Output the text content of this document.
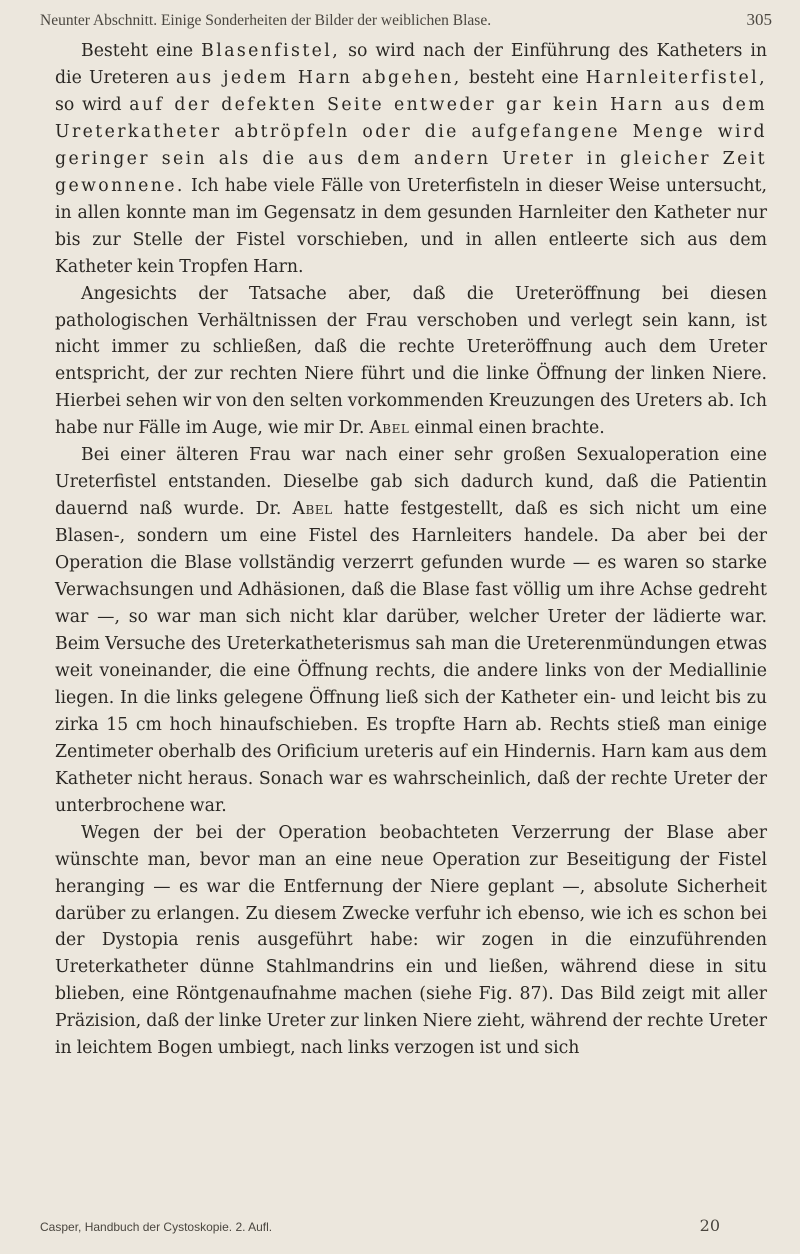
Neunter Abschnitt. Einige Sonderheiten der Bilder der weiblichen Blase.	305

Besteht eine Blasenfistel, so wird nach der Einführung des Katheters in die Ureteren aus jedem Harn abgehen, besteht eine Harnleiterfistel, so wird auf der defekten Seite entweder gar kein Harn aus dem Ureterkatheter abtröpfeln oder die aufgefangene Menge wird geringer sein als die aus dem andern Ureter in gleicher Zeit gewonnene. Ich habe viele Fälle von Ureterfisteln in dieser Weise untersucht, in allen konnte man im Gegensatz in dem gesunden Harnleiter den Katheter nur bis zur Stelle der Fistel vorschieben, und in allen entleerte sich aus dem Katheter kein Tropfen Harn.

Angesichts der Tatsache aber, daß die Ureteröffnung bei diesen pathologischen Verhältnissen der Frau verschoben und verlegt sein kann, ist nicht immer zu schließen, daß die rechte Ureteröffnung auch dem Ureter entspricht, der zur rechten Niere führt und die linke Öffnung der linken Niere. Hierbei sehen wir von den selten vorkommenden Kreuzungen des Ureters ab. Ich habe nur Fälle im Auge, wie mir Dr. Abel einmal einen brachte.

Bei einer älteren Frau war nach einer sehr großen Sexualoperation eine Ureterfistel entstanden. Dieselbe gab sich dadurch kund, daß die Patientin dauernd naß wurde. Dr. Abel hatte festgestellt, daß es sich nicht um eine Blasen-, sondern um eine Fistel des Harnleiters handele. Da aber bei der Operation die Blase vollständig verzerrt gefunden wurde — es waren so starke Verwachsungen und Adhäsionen, daß die Blase fast völlig um ihre Achse gedreht war —, so war man sich nicht klar darüber, welcher Ureter der lädierte war. Beim Versuche des Ureterkatheterismus sah man die Ureterenmündungen etwas weit voneinander, die eine Öffnung rechts, die andere links von der Mediallinie liegen. In die links gelegene Öffnung ließ sich der Katheter ein- und leicht bis zu zirka 15 cm hoch hinaufschieben. Es tropfte Harn ab. Rechts stieß man einige Zentimeter oberhalb des Orificium ureteris auf ein Hindernis. Harn kam aus dem Katheter nicht heraus. Sonach war es wahrscheinlich, daß der rechte Ureter der unterbrochene war.

Wegen der bei der Operation beobachteten Verzerrung der Blase aber wünschte man, bevor man an eine neue Operation zur Beseitigung der Fistel heranging — es war die Entfernung der Niere geplant —, absolute Sicherheit darüber zu erlangen. Zu diesem Zwecke verfuhr ich ebenso, wie ich es schon bei der Dystopia renis ausgeführt habe: wir zogen in die einzuführenden Ureterkatheter dünne Stahlmandrins ein und ließen, während diese in situ blieben, eine Röntgenaufnahme machen (siehe Fig. 87). Das Bild zeigt mit aller Präzision, daß der linke Ureter zur linken Niere zieht, während der rechte Ureter in leichtem Bogen umbiegt, nach links verzogen ist und sich

Casper, Handbuch der Cystoskopie. 2. Aufl.	20
